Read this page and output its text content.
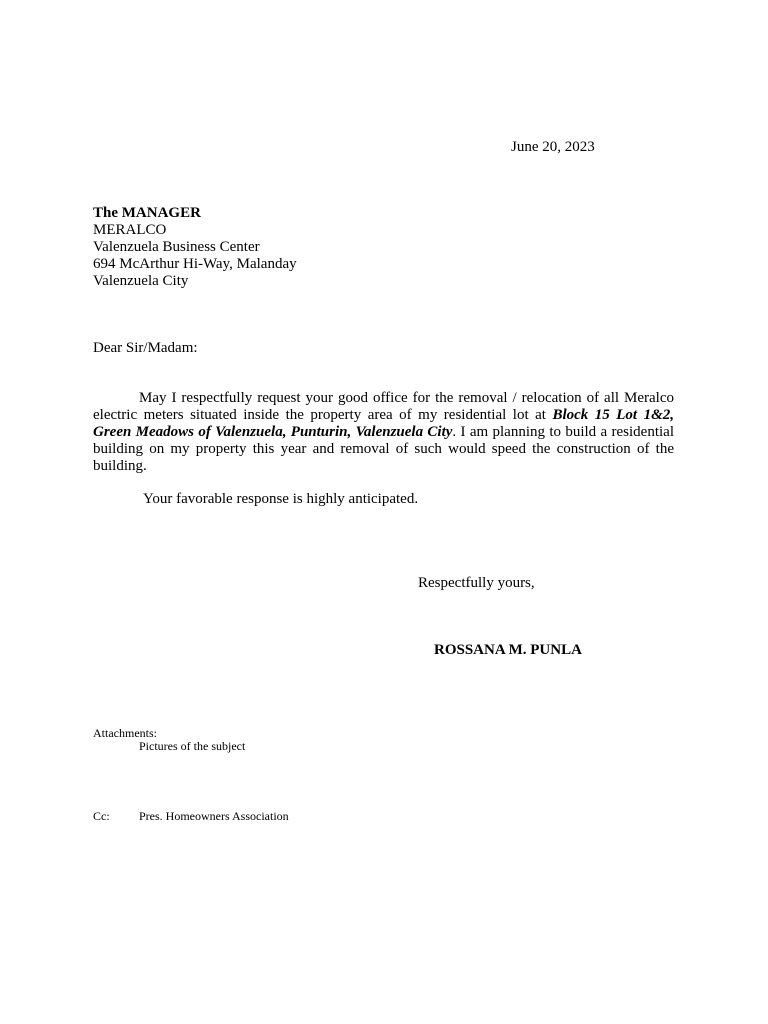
June 20, 2023
The MANAGER
MERALCO
Valenzuela Business Center
694 McArthur Hi-Way, Malanday
Valenzuela City
Dear Sir/Madam:

May I respectfully request your good office for the removal / relocation of all Meralco electric meters situated inside the property area of my residential lot at Block 15 Lot 1&2, Green Meadows of Valenzuela, Punturin, Valenzuela City. I am planning to build a residential building on my property this year and removal of such would speed the construction of the building.

Your favorable response is highly anticipated.
Respectfully yours,
ROSSANA M. PUNLA
Attachments:
Pictures of the subject
Cc: Pres. Homeowners Association
